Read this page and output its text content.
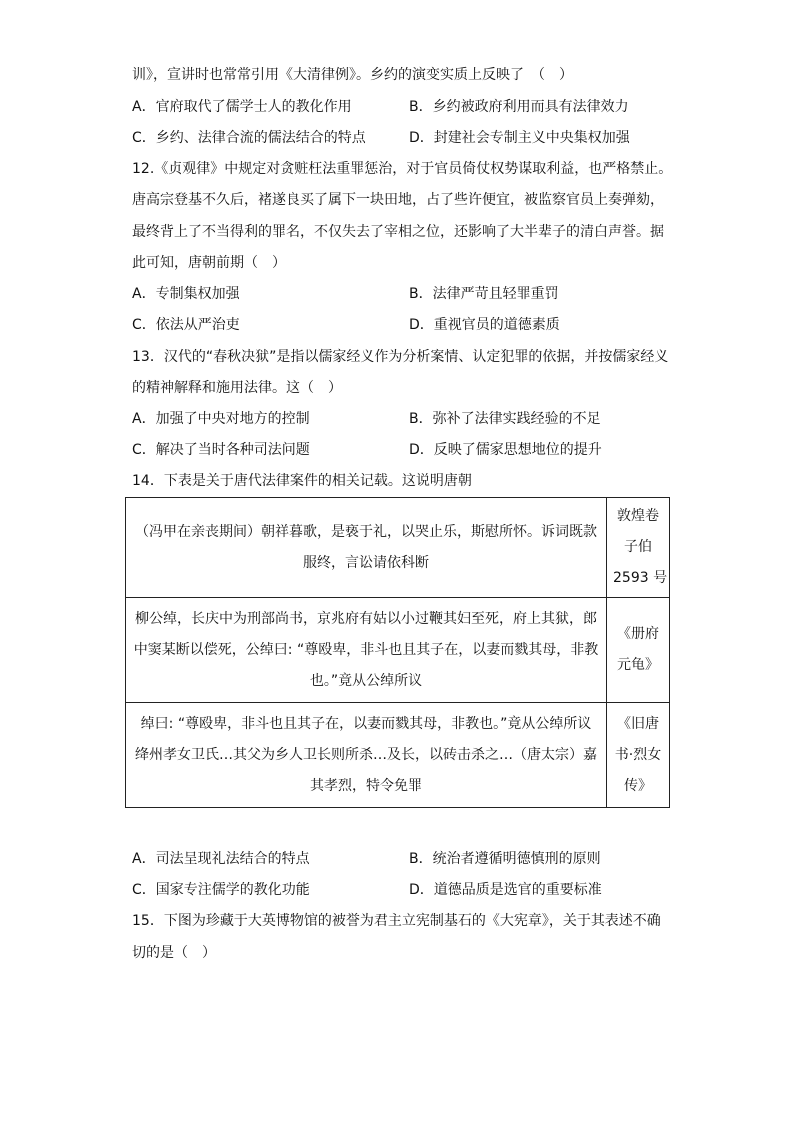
训》，宣讲时也常常引用《大清律例》。乡约的演变实质上反映了　（　）
A．官府取代了儒学士人的教化作用	B．乡约被政府利用而具有法律效力
C．乡约、法律合流的儒法结合的特点	D．封建社会专制主义中央集权加强
12.《贞观律》中规定对贪赃枉法重罪惩治，对于官员倚仗权势谋取利益，也严格禁止。
唐高宗登基不久后，褚遂良买了属下一块田地，占了些许便宜，被监察官员上奏弹劾，
最终背上了不当得利的罪名，不仅失去了宰相之位，还影响了大半辈子的清白声誉。据
此可知，唐朝前期（　）
A．专制集权加强	B．法律严苛且轻罪重罚
C．依法从严治吏	D．重视官员的道德素质
13．汉代的“春秋决狱”是指以儒家经义作为分析案情、认定犯罪的依据，并按儒家经义
的精神解释和施用法律。这（　）
A．加强了中央对地方的控制	B．弥补了法律实践经验的不足
C．解决了当时各种司法问题	D．反映了儒家思想地位的提升
14．下表是关于唐代法律案件的相关记载。这说明唐朝
（冯甲在亲丧期间）朝祥暮歌，是亵于礼，以哭止乐，斯慰所怀。诉词既款
服终，言讼请依科断	敦煌卷
子伯
2593 号

柳公绰，长庆中为刑部尚书，京兆府有姑以小过鞭其妇至死，府上其狱，郎
中窦某断以偿死，公绰曰: “尊殴卑，非斗也且其子在，以妻而戮其母，非教
也。”竟从公绰所议	《册府
元龟》

绰曰: “尊殴卑，非斗也且其子在，以妻而戮其母，非教也。”竟从公绰所议
绛州孝女卫氏…其父为乡人卫长则所杀…及长，以砖击杀之…（唐太宗）嘉
其孝烈，特令免罪	《旧唐
书·烈女
传》
A．司法呈现礼法结合的特点	B．统治者遵循明德慎刑的原则
C．国家专注儒学的教化功能	D．道德品质是选官的重要标准
15．下图为珍藏于大英博物馆的被誉为君主立宪制基石的《大宪章》，关于其表述不确
切的是（　）
